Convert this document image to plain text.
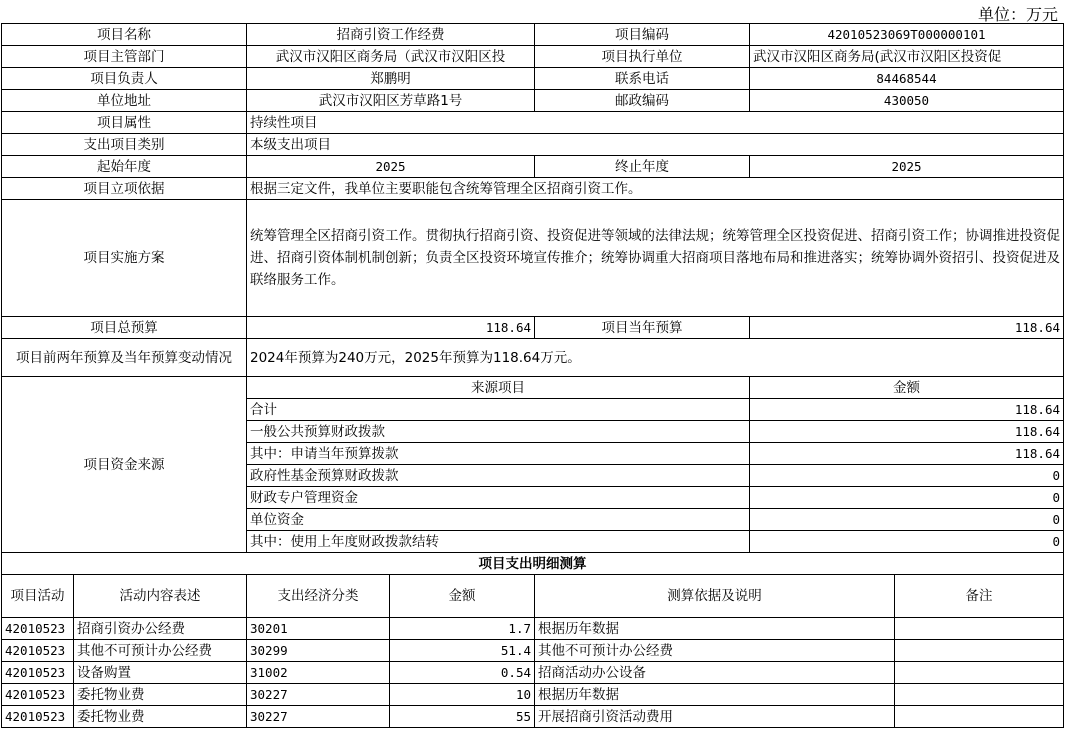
单位：万元
项目名称		招商引资工作经费		项目编码	42010523069T000000101	
项目主管部门		武汉市汉阳区商务局（武汉市汉阳区投		项目执行单位	武汉市汉阳区商务局(武汉市汉阳区投资促	
项目负责人		郑鹏明		联系电话	84468544	
单位地址		武汉市汉阳区芳草路1号		邮政编码	430050	
项目属性		持续性项目				
支出项目类别		本级支出项目				
起始年度		2025		终止年度	2025	
项目立项依据		根据三定文件，我单位主要职能包含统筹管理全区招商引资工作。				
项目实施方案		统筹管理全区招商引资工作。贯彻执行招商引资、投资促进等领域的法律法规；统筹管理全区投资促进、招商引资工作；协调推进投资促进、招商引资体制机制创新；负责全区投资环境宣传推介；统筹协调重大招商项目落地布局和推进落实；统筹协调外资招引、投资促进及联络服务工作。				
项目总预算		118.64		项目当年预算	118.64	
项目前两年预算及当年预算变动情况		2024年预算为240万元，2025年预算为118.64万元。				
项目资金来源		来源项目			金额	
		合计			118.64	
		一般公共预算财政拨款			118.64	
		其中：申请当年预算拨款			118.64	
		政府性基金预算财政拨款			0	
		财政专户管理资金			0	
		单位资金			0	
		其中：使用上年度财政拨款结转			0	
项目支出明细测算						
项目活动	活动内容表述	支出经济分类	金额	测算依据及说明		备注
42010523	招商引资办公经费	30201	1.7	根据历年数据		
42010523	其他不可预计办公经费	30299	51.4	其他不可预计办公经费		
42010523	设备购置	31002	0.54	招商活动办公设备		
42010523	委托物业费	30227	10	根据历年数据		
42010523	委托物业费	30227	55	开展招商引资活动费用		
